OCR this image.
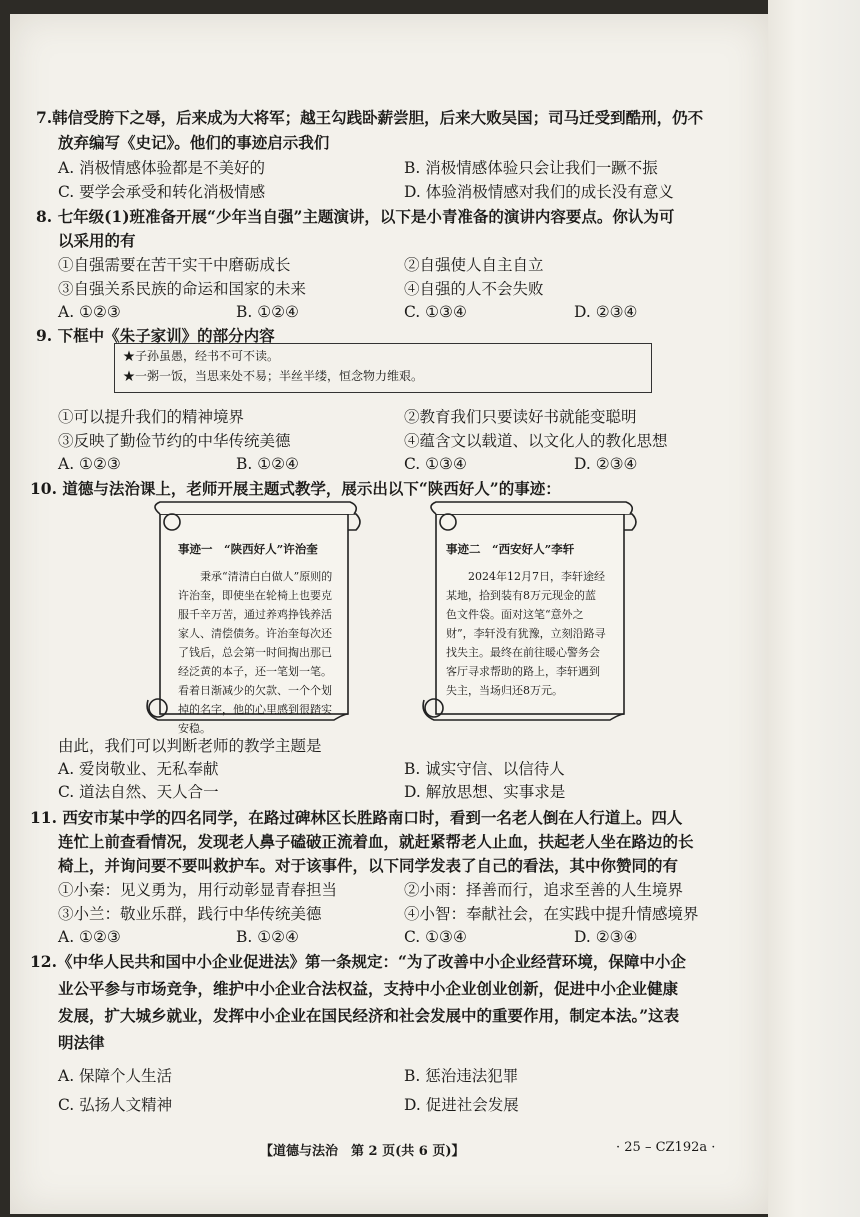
7.韩信受胯下之辱，后来成为大将军；越王勾践卧薪尝胆，后来大败吴国；司马迁受到酷刑，仍不
放弃编写《史记》。他们的事迹启示我们
A. 消极情感体验都是不美好的	B. 消极情感体验只会让我们一蹶不振
C. 要学会承受和转化消极情感	D. 体验消极情感对我们的成长没有意义
8. 七年级(1)班准备开展“少年当自强”主题演讲，以下是小青准备的演讲内容要点。你认为可
以采用的有
①自强需要在苦干实干中磨砺成长	②自强使人自主自立
③自强关系民族的命运和国家的未来	④自强的人不会失败
A. ①②③	B. ①②④	C. ①③④	D. ②③④
9. 下框中《朱子家训》的部分内容
★子孙虽愚，经书不可不读。
★一粥一饭，当思来处不易；半丝半缕，恒念物力维艰。
①可以提升我们的精神境界	②教育我们只要读好书就能变聪明
③反映了勤俭节约的中华传统美德	④蕴含文以载道、以文化人的教化思想
A. ①②③	B. ①②④	C. ①③④	D. ②③④
10. 道德与法治课上，老师开展主题式教学，展示出以下“陕西好人”的事迹：
事迹一　“陕西好人”许治奎
　　秉承“清清白白做人”原则的许治奎，即使坐在轮椅上也要克服千辛万苦，通过养鸡挣钱养活家人、清偿债务。许治奎每次还了钱后，总会第一时间掏出那已经泛黄的本子，还一笔划一笔。看着日渐减少的欠款、一个个划掉的名字，他的心里感到很踏实安稳。
事迹二　“西安好人”李轩
　　2024年12月7日，李轩途经某地，拾到装有8万元现金的蓝色文件袋。面对这笔“意外之财”，李轩没有犹豫，立刻沿路寻找失主。最终在前往暖心警务会客厅寻求帮助的路上，李轩遇到失主，当场归还8万元。
由此，我们可以判断老师的教学主题是
A. 爱岗敬业、无私奉献	B. 诚实守信、以信待人
C. 道法自然、天人合一	D. 解放思想、实事求是
11. 西安市某中学的四名同学，在路过碑林区长胜路南口时，看到一名老人倒在人行道上。四人
连忙上前查看情况，发现老人鼻子磕破正流着血，就赶紧帮老人止血，扶起老人坐在路边的长
椅上，并询问要不要叫救护车。对于该事件，以下同学发表了自己的看法，其中你赞同的有
①小秦：见义勇为，用行动彰显青春担当	②小雨：择善而行，追求至善的人生境界
③小兰：敬业乐群，践行中华传统美德	④小智：奉献社会，在实践中提升情感境界
A. ①②③	B. ①②④	C. ①③④	D. ②③④
12.《中华人民共和国中小企业促进法》第一条规定：“为了改善中小企业经营环境，保障中小企
业公平参与市场竞争，维护中小企业合法权益，支持中小企业创业创新，促进中小企业健康
发展，扩大城乡就业，发挥中小企业在国民经济和社会发展中的重要作用，制定本法。”这表
明法律
A. 保障个人生活	B. 惩治违法犯罪
C. 弘扬人文精神	D. 促进社会发展
【道德与法治　第 2 页(共 6 页)】	· 25 – CZ192a ·
